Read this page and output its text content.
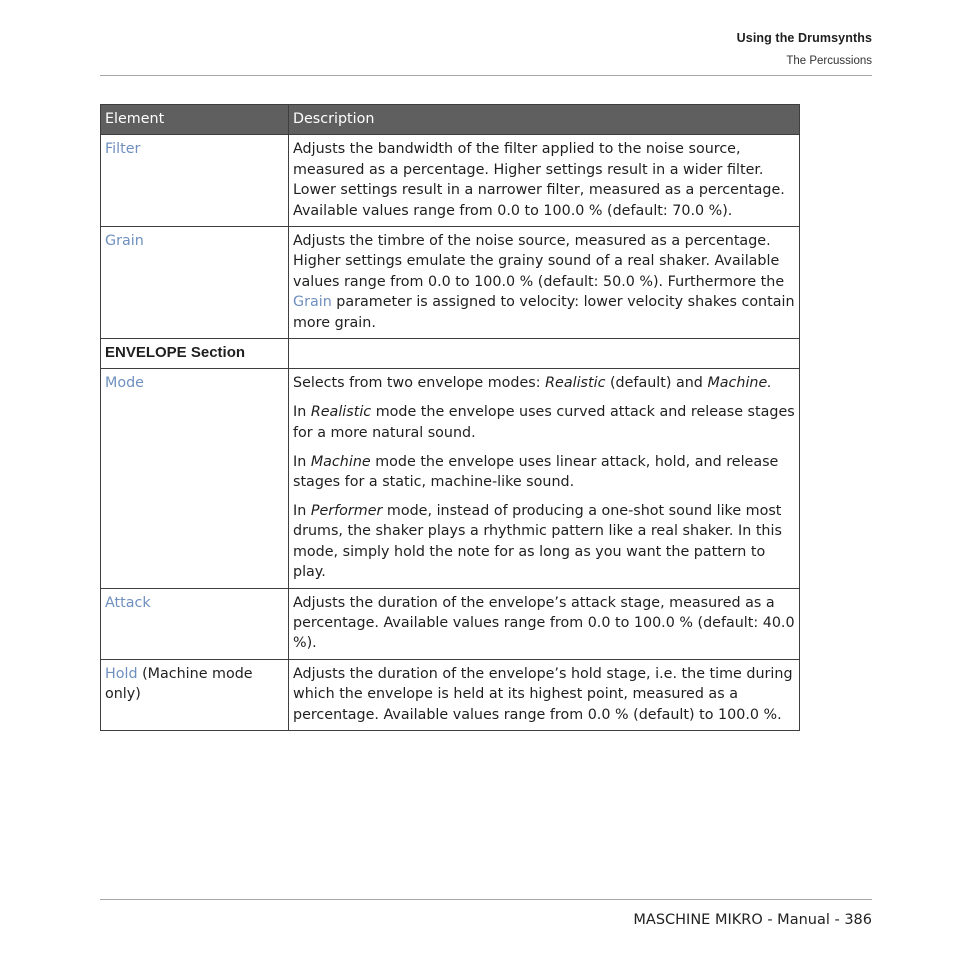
Using the Drumsynths
The Percussions
Element	Description
Filter	Adjusts the bandwidth of the filter applied to the noise source, measured as a percentage. Higher settings result in a wider filter. Lower settings result in a narrower filter, measured as a percentage. Available values range from 0.0 to 100.0 % (default: 70.0 %).
Grain	Adjusts the timbre of the noise source, measured as a percentage. Higher settings emulate the grainy sound of a real shaker. Available values range from 0.0 to 100.0 % (default: 50.0 %). Furthermore the Grain parameter is assigned to velocity: lower velocity shakes contain more grain.
ENVELOPE Section	
Mode	Selects from two envelope modes: Realistic (default) and Machine.

In Realistic mode the envelope uses curved attack and release stages for a more natural sound.

In Machine mode the envelope uses linear attack, hold, and release stages for a static, machine-like sound.

In Performer mode, instead of producing a one-shot sound like most drums, the shaker plays a rhythmic pattern like a real shaker. In this mode, simply hold the note for as long as you want the pattern to play.

Attack	Adjusts the duration of the envelope’s attack stage, measured as a percentage. Available values range from 0.0 to 100.0 % (default: 40.0 %).
Hold (Machine mode only)	Adjusts the duration of the envelope’s hold stage, i.e. the time during which the envelope is held at its highest point, measured as a percentage. Available values range from 0.0 % (default) to 100.0 %.
MASCHINE MIKRO - Manual - 386
